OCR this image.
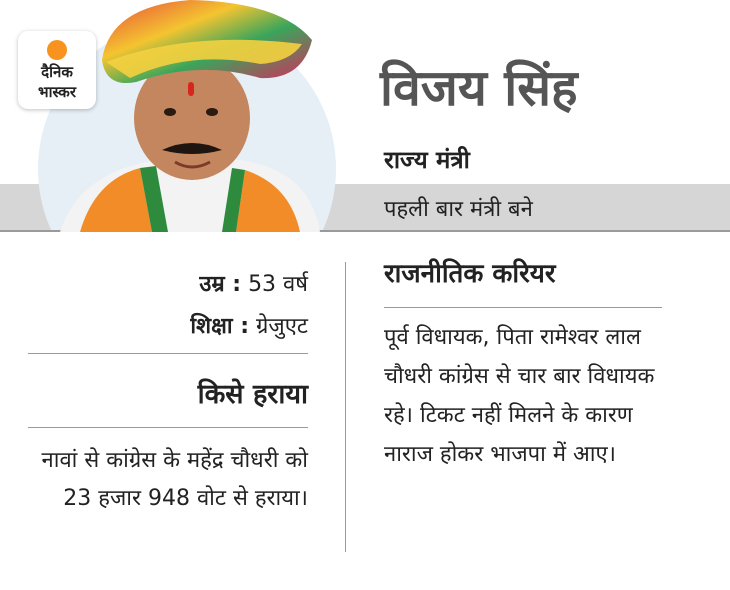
दैनिक
भास्कर	विजय सिंह
राज्य मंत्री
पहली बार मंत्री बने
उम्र : 53 वर्ष
शिक्षा : ग्रेजुएट
किसे हराया
नावां से कांग्रेस के महेंद्र चौधरी को 23 हजार 948 वोट से हराया।
राजनीतिक करियर
पूर्व विधायक, पिता रामेश्वर लाल चौधरी कांग्रेस से चार बार विधायक रहे। टिकट नहीं मिलने के कारण नाराज होकर भाजपा में आए।
